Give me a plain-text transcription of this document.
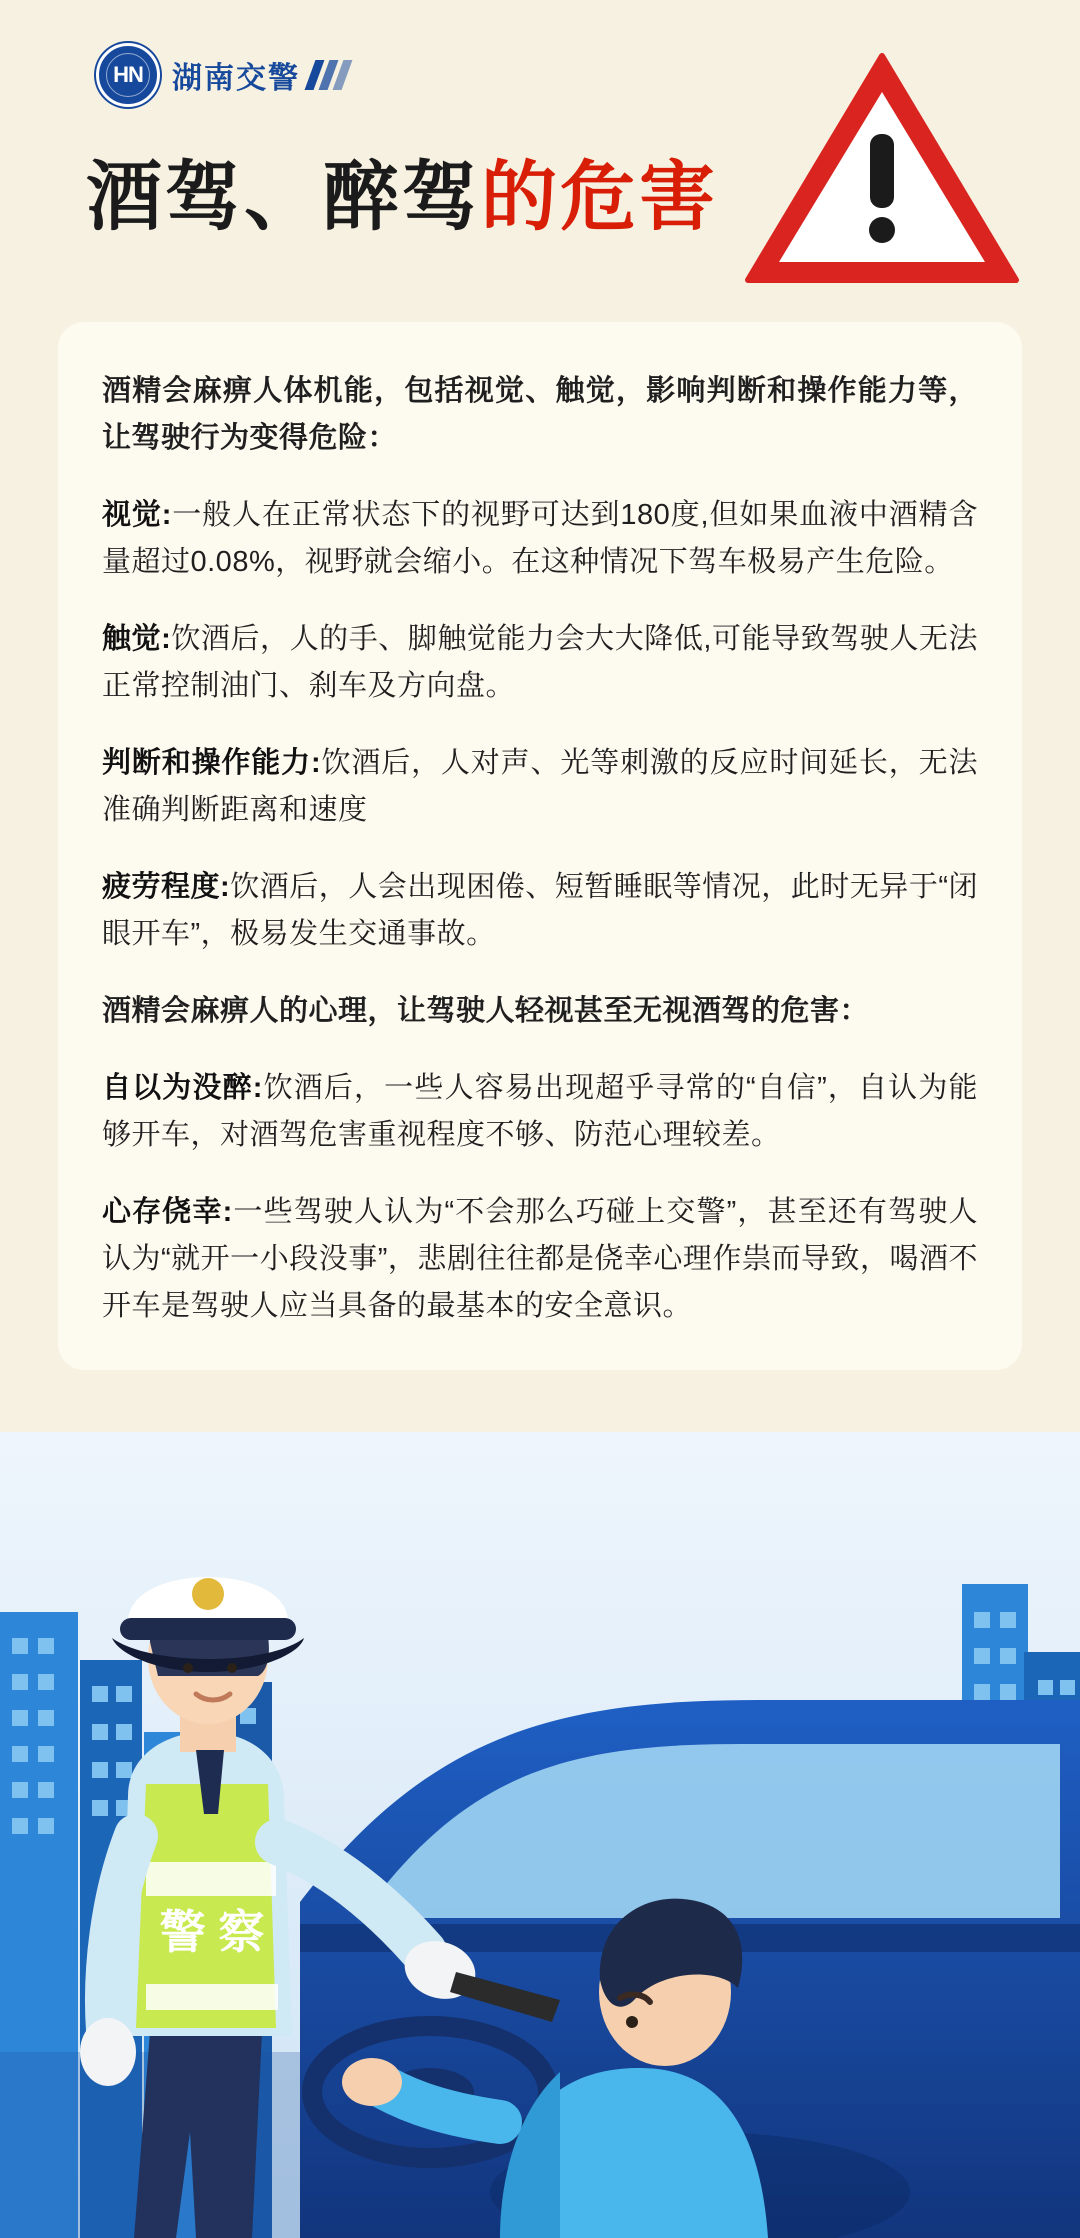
HN 湖南交警
酒驾、醉驾的危害

酒精会麻痹人体机能，包括视觉、触觉，影响判断和操作能力等，让驾驶行为变得危险：

视觉:一般人在正常状态下的视野可达到180度,但如果血液中酒精含量超过0.08%，视野就会缩小。在这种情况下驾车极易产生危险。

触觉:饮酒后，人的手、脚触觉能力会大大降低,可能导致驾驶人无法正常控制油门、刹车及方向盘。

判断和操作能力:饮酒后，人对声、光等刺激的反应时间延长，无法准确判断距离和速度

疲劳程度:饮酒后，人会出现困倦、短暂睡眠等情况，此时无异于“闭眼开车”，极易发生交通事故。

酒精会麻痹人的心理，让驾驶人轻视甚至无视酒驾的危害：

自以为没醉:饮酒后，一些人容易出现超乎寻常的“自信”，自认为能够开车，对酒驾危害重视程度不够、防范心理较差。

心存侥幸:一些驾驶人认为“不会那么巧碰上交警”，甚至还有驾驶人认为“就开一小段没事”，悲剧往往都是侥幸心理作祟而导致，喝酒不开车是驾驶人应当具备的最基本的安全意识。

警 察
